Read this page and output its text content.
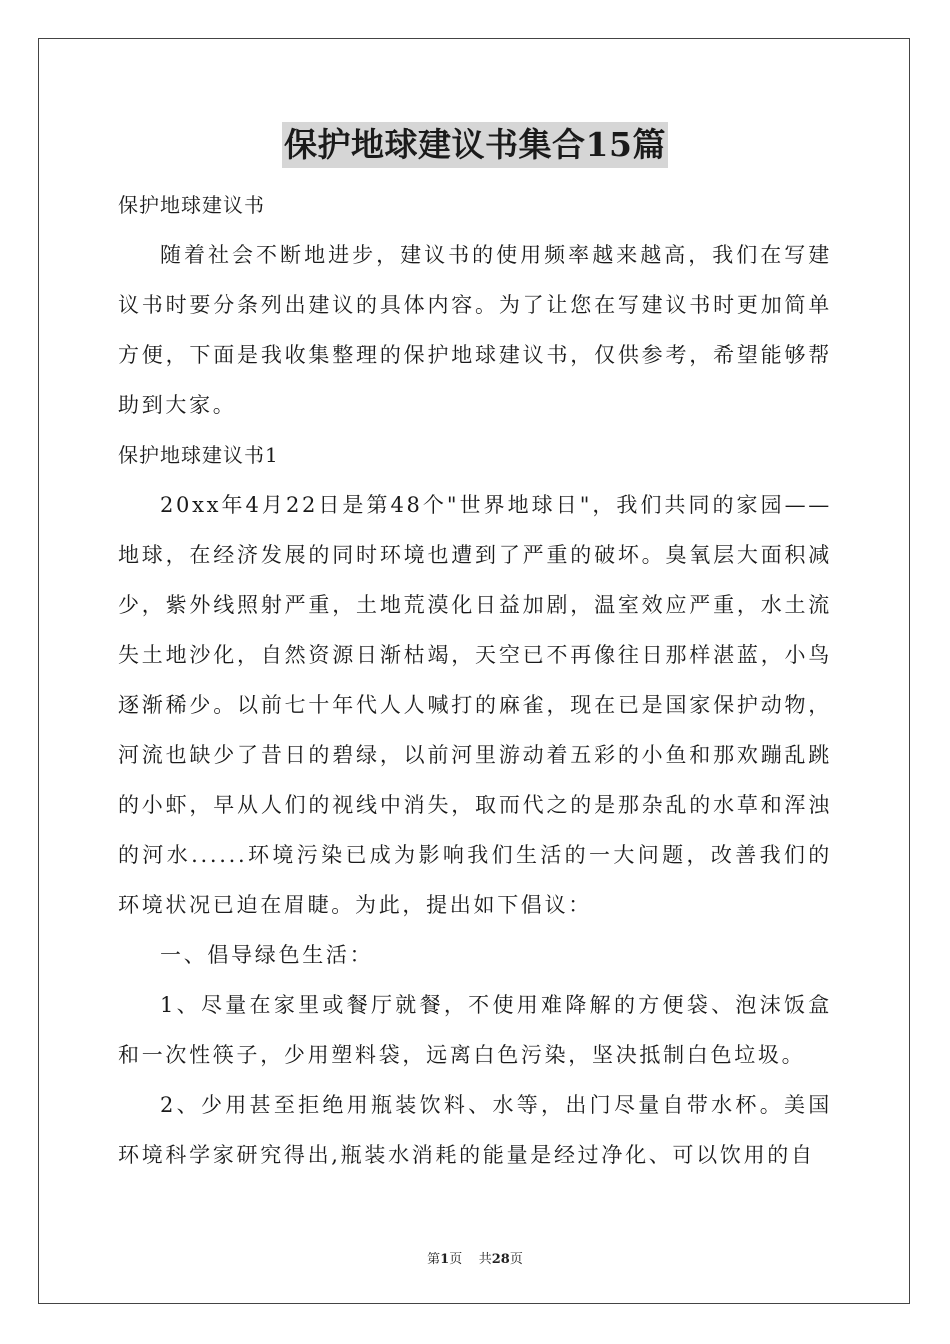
保护地球建议书集合15篇

保护地球建议书

随着社会不断地进步，建议书的使用频率越来越高，我们在写建议书时要分条列出建议的具体内容。为了让您在写建议书时更加简单方便，下面是我收集整理的保护地球建议书，仅供参考，希望能够帮助到大家。

保护地球建议书1

20xx年4月22日是第48个"世界地球日"，我们共同的家园——地球，在经济发展的同时环境也遭到了严重的破坏。臭氧层大面积减少，紫外线照射严重，土地荒漠化日益加剧，温室效应严重，水土流失土地沙化，自然资源日渐枯竭，天空已不再像往日那样湛蓝，小鸟逐渐稀少。以前七十年代人人喊打的麻雀，现在已是国家保护动物，河流也缺少了昔日的碧绿，以前河里游动着五彩的小鱼和那欢蹦乱跳的小虾，早从人们的视线中消失，取而代之的是那杂乱的水草和浑浊的河水......环境污染已成为影响我们生活的一大问题，改善我们的环境状况已迫在眉睫。为此，提出如下倡议：

一、倡导绿色生活：

1、尽量在家里或餐厅就餐，不使用难降解的方便袋、泡沫饭盒和一次性筷子，少用塑料袋，远离白色污染，坚决抵制白色垃圾。

2、少用甚至拒绝用瓶装饮料、水等，出门尽量自带水杯。美国环境科学家研究得出,瓶装水消耗的能量是经过净化、可以饮用的自

第1页 共28页
